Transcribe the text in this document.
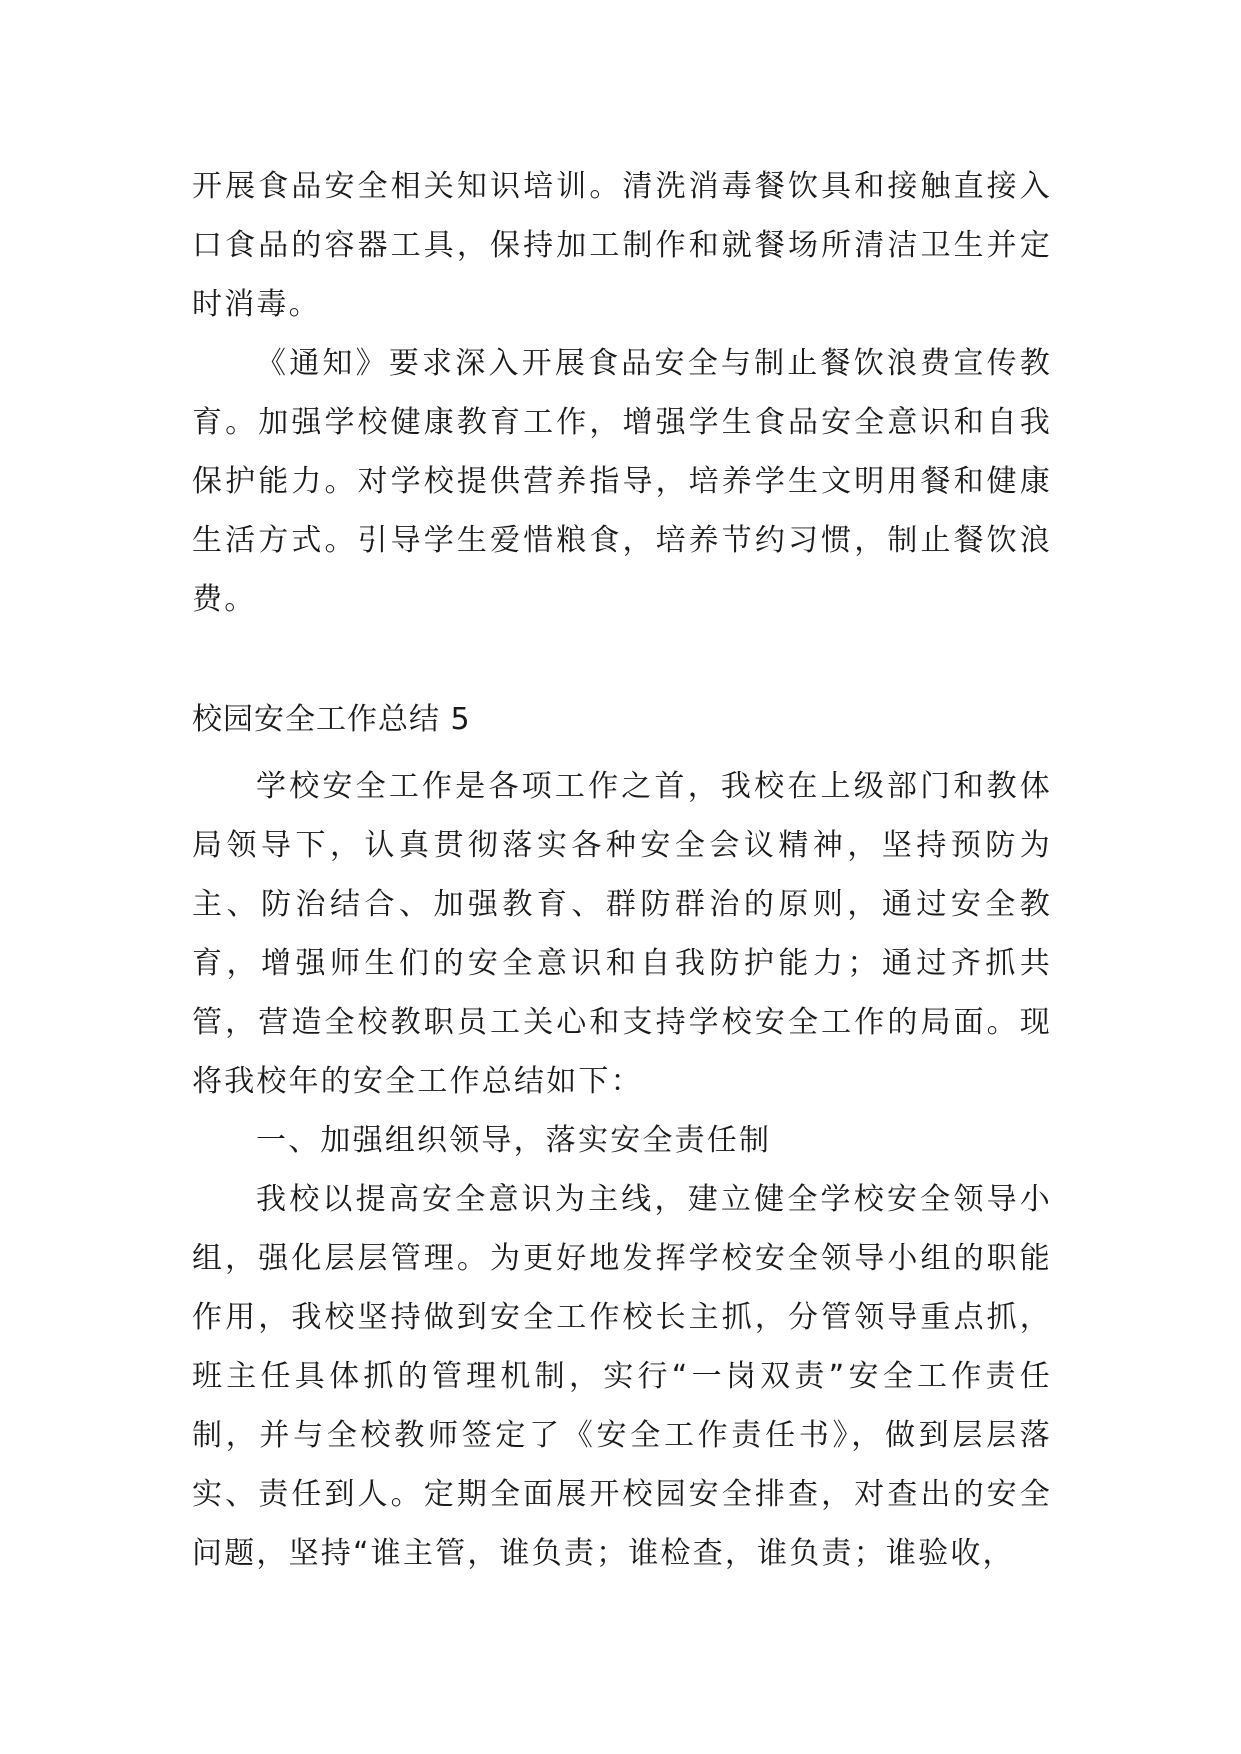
开展食品安全相关知识培训。清洗消毒餐饮具和接触直接入口食品的容器工具，保持加工制作和就餐场所清洁卫生并定时消毒。

《通知》要求深入开展食品安全与制止餐饮浪费宣传教育。加强学校健康教育工作，增强学生食品安全意识和自我保护能力。对学校提供营养指导，培养学生文明用餐和健康生活方式。引导学生爱惜粮食，培养节约习惯，制止餐饮浪费。

校园安全工作总结 5

学校安全工作是各项工作之首，我校在上级部门和教体局领导下，认真贯彻落实各种安全会议精神，坚持预防为主、防治结合、加强教育、群防群治的原则，通过安全教育，增强师生们的安全意识和自我防护能力；通过齐抓共管，营造全校教职员工关心和支持学校安全工作的局面。现将我校年的安全工作总结如下：

一、加强组织领导，落实安全责任制

我校以提高安全意识为主线，建立健全学校安全领导小组，强化层层管理。为更好地发挥学校安全领导小组的职能作用，我校坚持做到安全工作校长主抓，分管领导重点抓，班主任具体抓的管理机制，实行“一岗双责”安全工作责任制，并与全校教师签定了《安全工作责任书》，做到层层落实、责任到人。定期全面展开校园安全排查，对查出的安全问题，坚持“谁主管，谁负责；谁检查，谁负责；谁验收，
